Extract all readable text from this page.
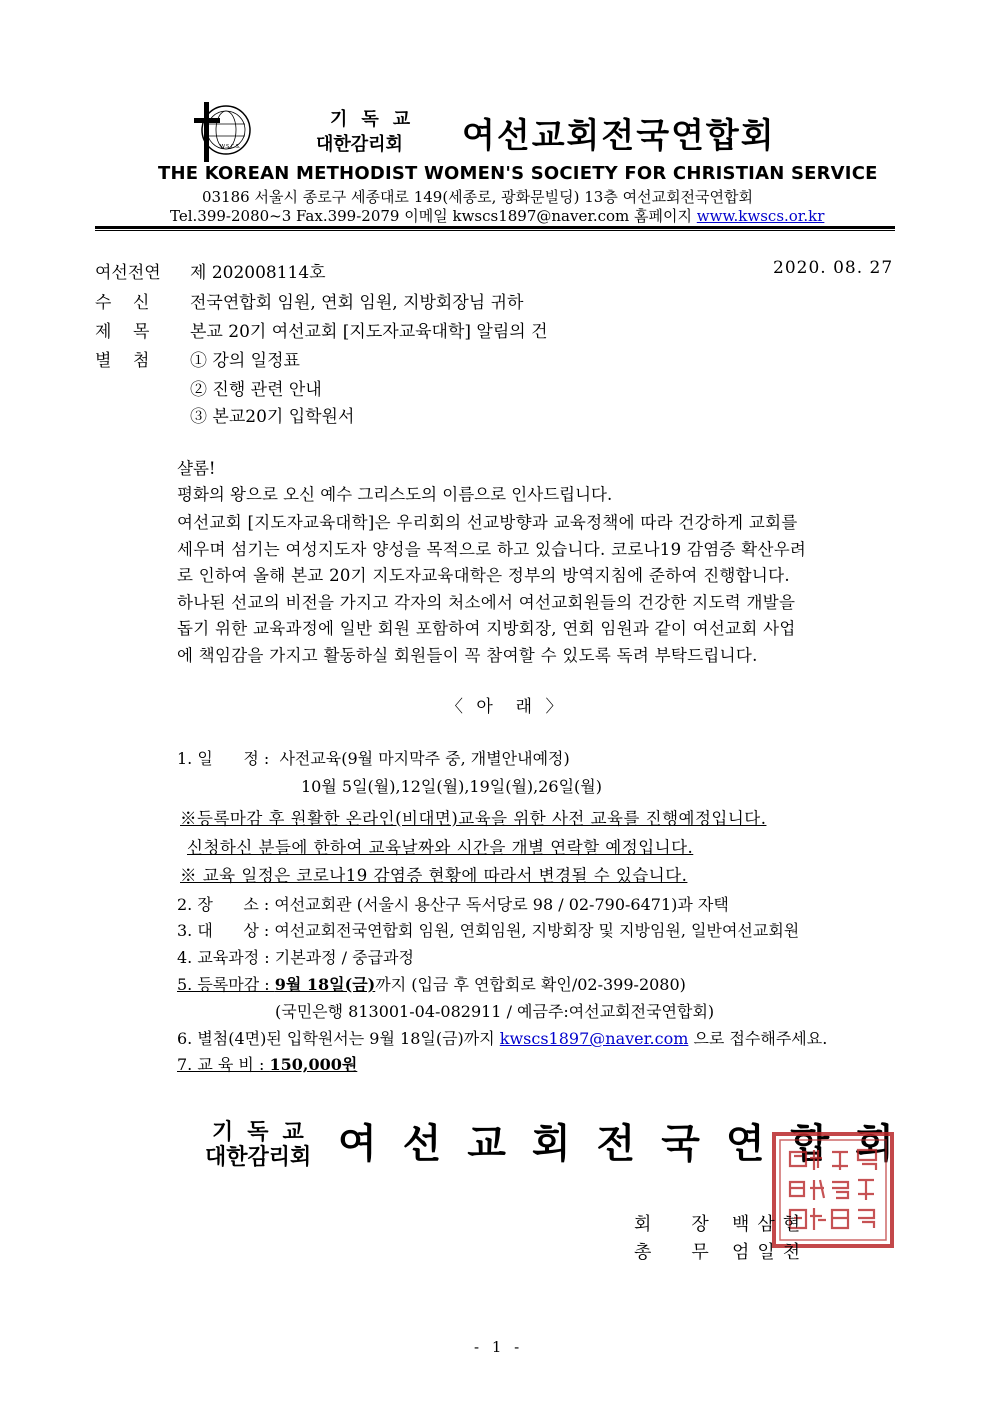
W.S.C.S.
기독교
대한감리회 여선교회전국연합회
THE KOREAN METHODIST WOMEN'S SOCIETY FOR CHRISTIAN SERVICE
03186 서울시 종로구 세종대로 149(세종로, 광화문빌딩) 13층 여선교회전국연합회
Tel.399-2080~3 Fax.399-2079 이메일 kwscs1897@naver.com 홈페이지 www.kwscs.or.kr
여선전연 제 202008114호	2020. 08. 27
수    신 전국연합회 임원, 연회 임원, 지방회장님 귀하
제    목 본교 20기 여선교회 [지도자교육대학] 알림의 건
별    첨 ① 강의 일정표
② 진행 관련 안내
③ 본교20기 입학원서
샬롬!
평화의 왕으로 오신 예수 그리스도의 이름으로 인사드립니다.
여선교회 [지도자교육대학]은 우리회의 선교방향과 교육정책에 따라 건강하게 교회를
세우며 섬기는 여성지도자 양성을 목적으로 하고 있습니다. 코로나19 감염증 확산우려
로 인하여 올해 본교 20기 지도자교육대학은 정부의 방역지침에 준하여 진행합니다.
하나된 선교의 비전을 가지고 각자의 처소에서 여선교회원들의 건강한 지도력 개발을
돕기 위한 교육과정에 일반 회원 포함하여 지방회장, 연회 임원과 같이 여선교회 사업
에 책임감을 가지고 활동하실 회원들이 꼭 참여할 수 있도록 독려 부탁드립니다.
〈 아  래 〉
1. 일      정 : 사전교육(9월 마지막주 중, 개별안내예정)
10월 5일(월),12일(월),19일(월),26일(월)
※등록마감 후 원활한 온라인(비대면)교육을 위한 사전 교육를 진행예정입니다.
신청하신 분들에 한하여 교육날짜와 시간을 개별 연락할 예정입니다.
※ 교육 일정은 코로나19 감염증 현황에 따라서 변경될 수 있습니다.
2. 장      소 : 여선교회관 (서울시 용산구 독서당로 98 / 02-790-6471)과 자택
3. 대      상 : 여선교회전국연합회 임원, 연회임원, 지방회장 및 지방임원, 일반여선교회원
4. 교육과정 : 기본과정 / 중급과정
5. 등록마감 : 9월 18일(금)까지 (입금 후 연합회로 확인/02-399-2080)
(국민은행 813001-04-082911 / 예금주:여선교회전국연합회)
6. 별첨(4면)된 입학원서는 9월 18일(금)까지 kwscs1897@naver.com 으로 접수해주세요.
7. 교 육 비 : 150,000원
기독교
대한감리회 여선교회전국연합회
회장
백삼현
총무
엄일천
- 1 -
